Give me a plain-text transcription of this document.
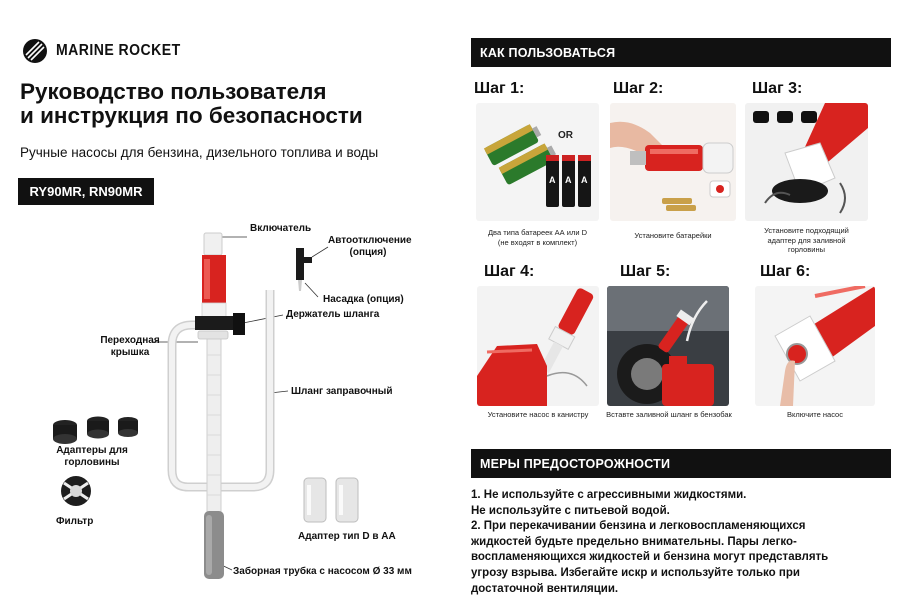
MARINE ROCKET
Руководство пользователя
и инструкция по безопасности
Ручные насосы для бензина, дизельного топлива и воды
RY90MR, RN90MR
Включатель
Автоотключение
(опция)
Насадка (опция)
Держатель шланга
Переходная
крышка
Шланг заправочный
Адаптеры для
горловины
Фильтр
Адаптер тип D в AA
Заборная трубка с насосом Ø 33 мм
КАК ПОЛЬЗОВАТЬСЯ
Шаг 1:
OR
A A A
Два типа батареек АА или D
(не входят в комплект)
Шаг 2:
Установите батарейки
Шаг 3:
Установите подходящий
адаптер для заливной
горловины
Шаг 4:
Установите насос в канистру
Шаг 5:
Вставте заливной шланг в бензобак
Шаг 6:
Включите насос
МЕРЫ ПРЕДОСТОРОЖНОСТИ
1. Не используйте с агрессивными жидкостями.
Не используйте с питьевой водой.
2. При перекачивании бензина и легковоспламеняющихся
жидкостей будьте предельно внимательны. Пары легко-
воспламеняющихся жидкостей и бензина могут представлять
угрозу взрыва. Избегайте искр и используйте только при
достаточной вентиляции.
